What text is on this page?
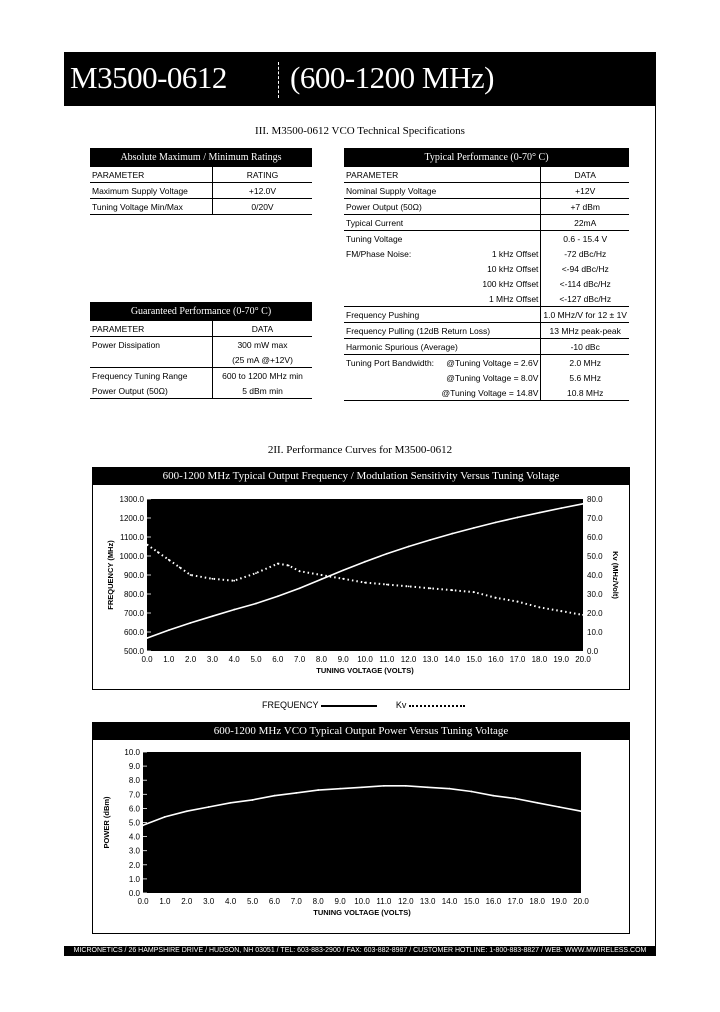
M3500-0612 (600-1200 MHz)
III. M3500-0612 VCO Technical Specifications
Absolute Maximum / Minimum Ratings	
PARAMETER	RATING
Maximum Supply Voltage	+12.0V
Tuning Voltage Min/Max	0/20V
Guaranteed Performance (0-70° C)	
PARAMETER	DATA
Power Dissipation	300 mW max
	(25 mA @+12V)
Frequency Tuning Range	600 to 1200 MHz min
Power Output (50Ω)	5 dBm min
Typical Performance (0-70° C)		
PARAMETER		DATA
Nominal Supply Voltage		+12V
Power Output (50Ω)		+7 dBm
Typical Current		22mA
Tuning Voltage		0.6 - 15.4 V
FM/Phase Noise:	1 kHz Offset	-72 dBc/Hz
	10 kHz Offset	<-94 dBc/Hz
	100 kHz Offset	<-114 dBc/Hz
	1 MHz Offset	<-127 dBc/Hz
Frequency Pushing		1.0 MHz/V for 12 ± 1V
Frequency Pulling (12dB Return Loss)		13 MHz peak-peak
Harmonic Spurious (Average)		-10 dBc
Tuning Port Bandwidth:	@Tuning Voltage = 2.6V	2.0 MHz
	@Tuning Voltage = 8.0V	5.6 MHz
	@Tuning Voltage = 14.8V	10.8 MHz
2II. Performance Curves for M3500-0612
600-1200 MHz Typical Output Frequency / Modulation Sensitivity Versus Tuning Voltage
0.0 1.0 2.0 3.0 4.0 5.0 6.0 7.0 8.0 9.0 10.0 11.0 12.0 13.0 14.0 15.0 16.0 17.0 18.0 19.0 20.0
500.0
600.0
700.0
800.0
900.0
1000.0
1100.0
1200.0
1300.0
0.0
10.0
20.0
30.0
40.0
50.0
60.0
70.0
80.0
FREQUENCY (MHz)	Kv (MHz/Volt)
TUNING VOLTAGE (VOLTS)
FREQUENCY	Kv
600-1200 MHz VCO Typical Output Power Versus Tuning Voltage
0.0 1.0 2.0 3.0 4.0 5.0 6.0 7.0 8.0 9.0 10.0 11.0 12.0 13.0 14.0 15.0 16.0 17.0 18.0 19.0 20.0
0.0
1.0
2.0
3.0
4.0
5.0
6.0
7.0
8.0
9.0
10.0
POWER (dBm)
TUNING VOLTAGE (VOLTS)
MICRONETICS / 26 HAMPSHIRE DRIVE / HUDSON, NH 03051 / TEL: 603-883-2900 / FAX: 603-882-8987 / CUSTOMER HOTLINE: 1-800-883-8827 / WEB: WWW.MWIRELESS.COM
